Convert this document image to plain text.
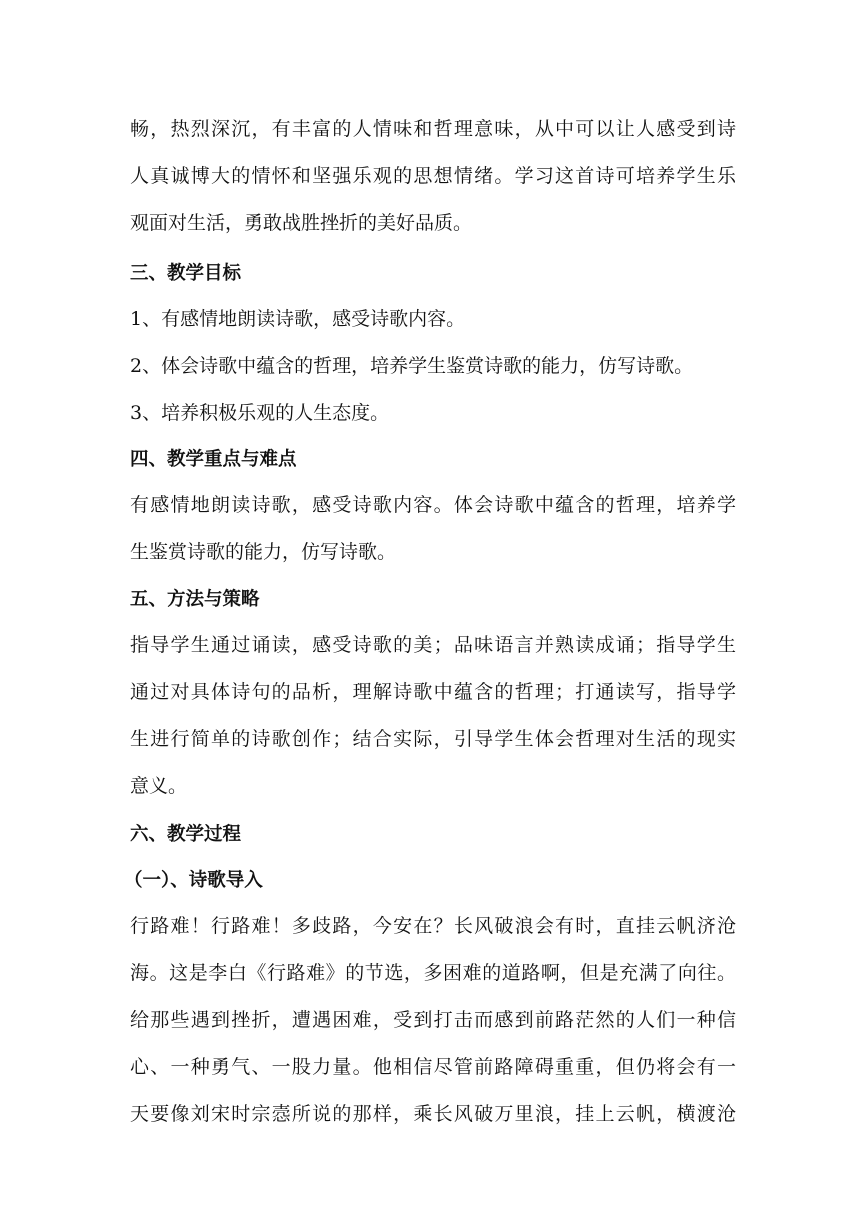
畅，热烈深沉，有丰富的人情味和哲理意味，从中可以让人感受到诗

人真诚博大的情怀和坚强乐观的思想情绪。学习这首诗可培养学生乐

观面对生活，勇敢战胜挫折的美好品质。

三、教学目标

1、有感情地朗读诗歌，感受诗歌内容。

2、体会诗歌中蕴含的哲理，培养学生鉴赏诗歌的能力，仿写诗歌。

3、培养积极乐观的人生态度。

四、教学重点与难点

有感情地朗读诗歌，感受诗歌内容。体会诗歌中蕴含的哲理，培养学

生鉴赏诗歌的能力，仿写诗歌。

五、方法与策略

指导学生通过诵读，感受诗歌的美；品味语言并熟读成诵；指导学生

通过对具体诗句的品析，理解诗歌中蕴含的哲理；打通读写，指导学

生进行简单的诗歌创作；结合实际，引导学生体会哲理对生活的现实

意义。

六、教学过程

（一）、诗歌导入

行路难！行路难！多歧路，今安在？长风破浪会有时，直挂云帆济沧

海。这是李白《行路难》的节选，多困难的道路啊，但是充满了向往。

给那些遇到挫折，遭遇困难，受到打击而感到前路茫然的人们一种信

心、一种勇气、一股力量。他相信尽管前路障碍重重，但仍将会有一

天要像刘宋时宗悫所说的那样，乘长风破万里浪，挂上云帆，横渡沧
